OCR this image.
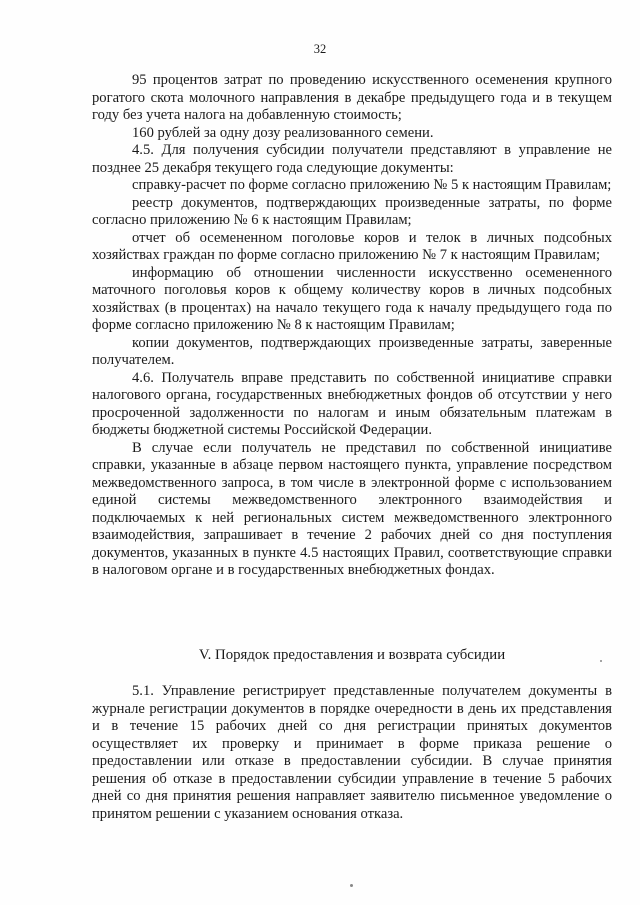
32

95 процентов затрат по проведению искусственного осеменения крупного рогатого скота молочного направления в декабре предыдущего года и в текущем году без учета налога на добавленную стоимость;

160 рублей за одну дозу реализованного семени.

4.5. Для получения субсидии получатели представляют в управление не позднее 25 декабря текущего года следующие документы:

справку-расчет по форме согласно приложению № 5 к настоящим Правилам;

реестр документов, подтверждающих произведенные затраты, по форме согласно приложению № 6 к настоящим Правилам;

отчет об осемененном поголовье коров и телок в личных подсобных хозяйствах граждан по форме согласно приложению № 7 к настоящим Правилам;

информацию об отношении численности искусственно осемененного маточного поголовья коров к общему количеству коров в личных подсобных хозяйствах (в процентах) на начало текущего года к началу предыдущего года по форме согласно приложению № 8 к настоящим Правилам;

копии документов, подтверждающих произведенные затраты, заверенные получателем.

4.6. Получатель вправе представить по собственной инициативе справки налогового органа, государственных внебюджетных фондов об отсутствии у него просроченной задолженности по налогам и иным обязательным платежам в бюджеты бюджетной системы Российской Федерации.

В случае если получатель не представил по собственной инициативе справки, указанные в абзаце первом настоящего пункта, управление посредством межведомственного запроса, в том числе в электронной форме с использованием единой системы межведомственного электронного взаимодействия и подключаемых к ней региональных систем межведомственного электронного взаимодействия, запрашивает в течение 2 рабочих дней со дня поступления документов, указанных в пункте 4.5 настоящих Правил, соответствующие справки в налоговом органе и в государственных внебюджетных фондах.

V. Порядок предоставления и возврата субсидии

5.1. Управление регистрирует представленные получателем документы в журнале регистрации документов в порядке очередности в день их представления и в течение 15 рабочих дней со дня регистрации принятых документов осуществляет их проверку и принимает в форме приказа решение о предоставлении или отказе в предоставлении субсидии. В случае принятия решения об отказе в предоставлении субсидии управление в течение 5 рабочих дней со дня принятия решения направляет заявителю письменное уведомление о принятом решении с указанием основания отказа.
